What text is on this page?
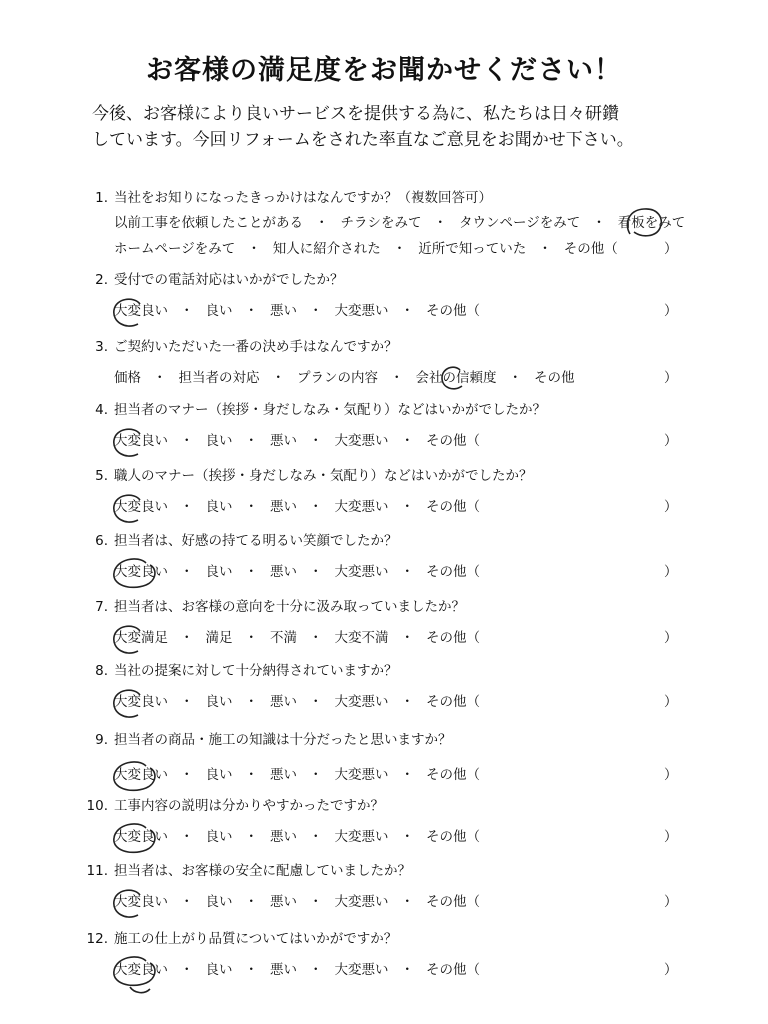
お客様の満足度をお聞かせください！
今後、お客様により良いサービスを提供する為に、私たちは日々研鑽
しています。今回リフォームをされた率直なご意見をお聞かせ下さい。
1. 当社をお知りになったきっかけはなんですか？（複数回答可）
以前工事を依頼したことがある ・ チラシをみて ・ タウンページをみて ・ 看板をみて
ホームページをみて ・ 知人に紹介された ・ 近所で知っていた ・ その他（	）
2. 受付での電話対応はいかがでしたか？
大変良い ・ 良い ・ 悪い ・ 大変悪い ・ その他（	）
3. ご契約いただいた一番の決め手はなんですか？
価格 ・ 担当者の対応 ・ プランの内容 ・ 会社の信頼度 ・ その他	）
4. 担当者のマナー（挨拶・身だしなみ・気配り）などはいかがでしたか？
大変良い ・ 良い ・ 悪い ・ 大変悪い ・ その他（	）
5. 職人のマナー（挨拶・身だしなみ・気配り）などはいかがでしたか？
大変良い ・ 良い ・ 悪い ・ 大変悪い ・ その他（	）
6. 担当者は、好感の持てる明るい笑顔でしたか？
大変良い ・ 良い ・ 悪い ・ 大変悪い ・ その他（	）
7. 担当者は、お客様の意向を十分に汲み取っていましたか？
大変満足 ・ 満足 ・ 不満 ・ 大変不満 ・ その他（	）
8. 当社の提案に対して十分納得されていますか？
大変良い ・ 良い ・ 悪い ・ 大変悪い ・ その他（	）
9. 担当者の商品・施工の知識は十分だったと思いますか？
大変良い ・ 良い ・ 悪い ・ 大変悪い ・ その他（	）
10. 工事内容の説明は分かりやすかったですか？
大変良い ・ 良い ・ 悪い ・ 大変悪い ・ その他（	）
11. 担当者は、お客様の安全に配慮していましたか？
大変良い ・ 良い ・ 悪い ・ 大変悪い ・ その他（	）
12. 施工の仕上がり品質についてはいかがですか？
大変良い ・ 良い ・ 悪い ・ 大変悪い ・ その他（	）
